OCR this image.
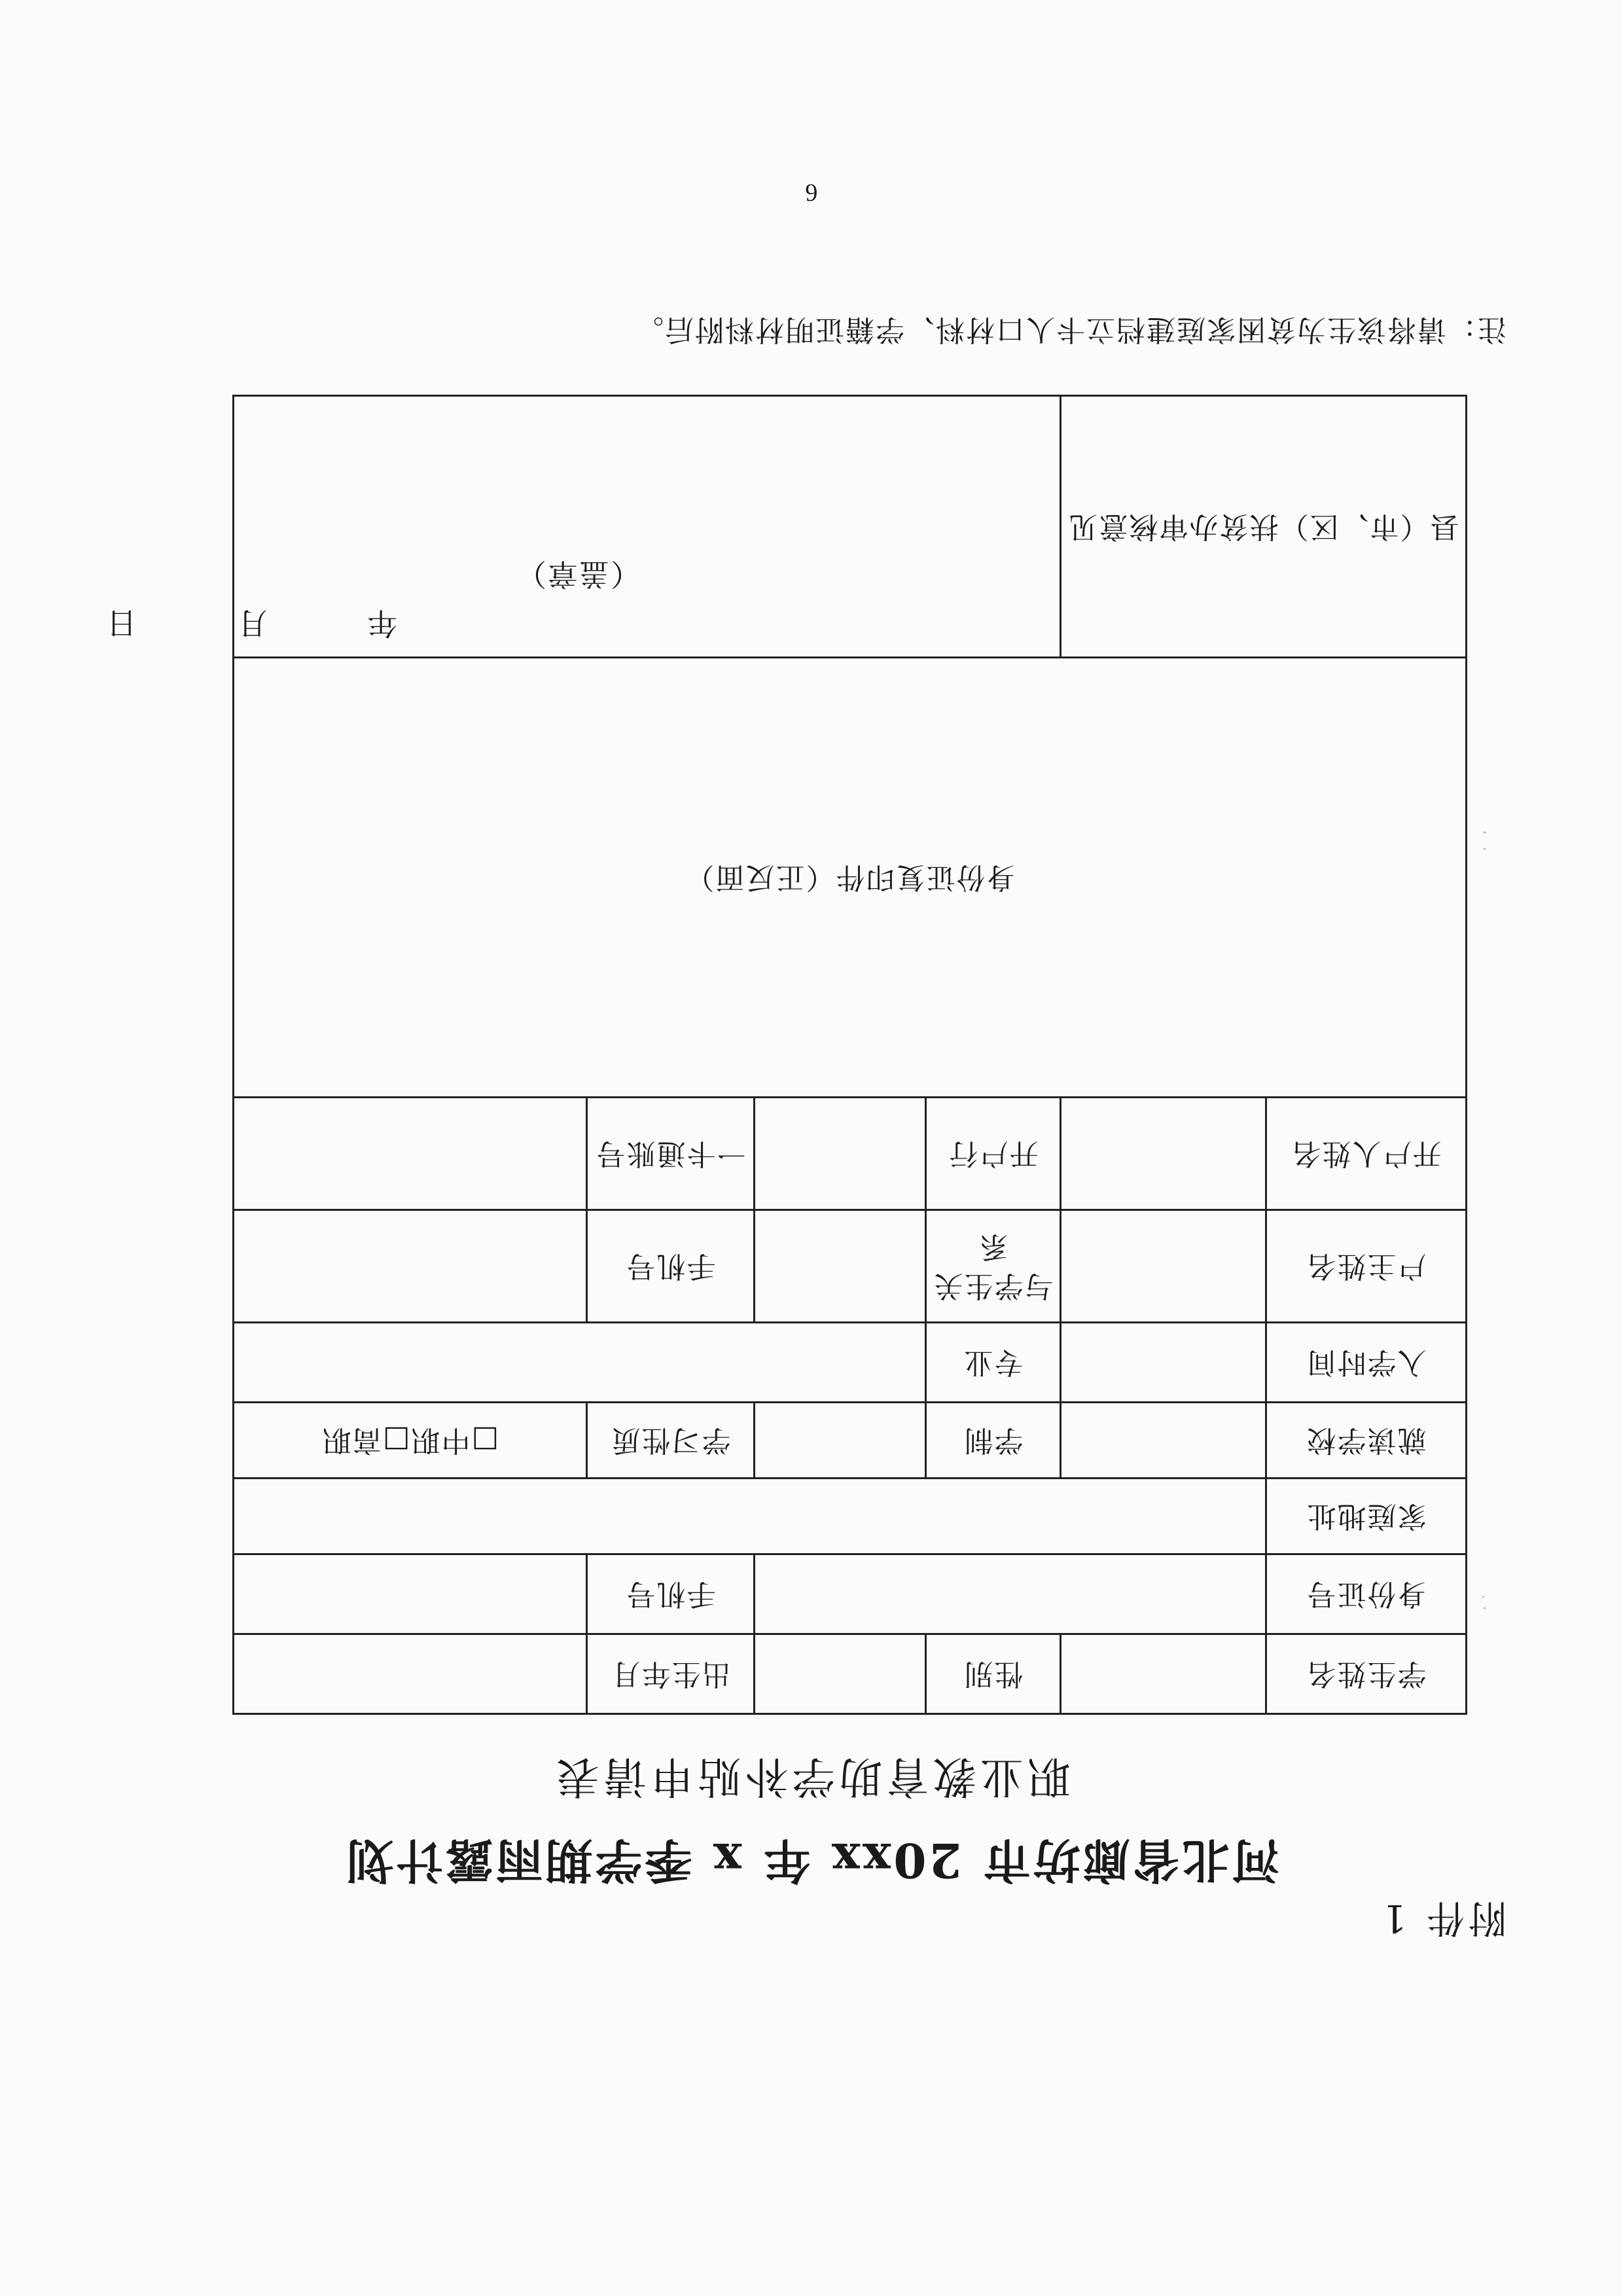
附件 1
河北省廊坊市 20xx 年 x 季学期雨露计划
职业教育助学补贴申请表
学生姓名		性别		出生年月	
身份证号				手机号	
家庭地址					
就读学校		学制		学习性质	□中职□高职
入学时间		专业			
户主姓名		与学生关系		手机号	
开户人姓名		开户行		一卡通账号	
身份证复印件（正反面）					
县（市、区）扶贫办审核意见		（盖章）
年
月
日			
注：请将该生为贫困家庭建档立卡人口材料、学籍证明材料附后。
6
·
˙
·
·
